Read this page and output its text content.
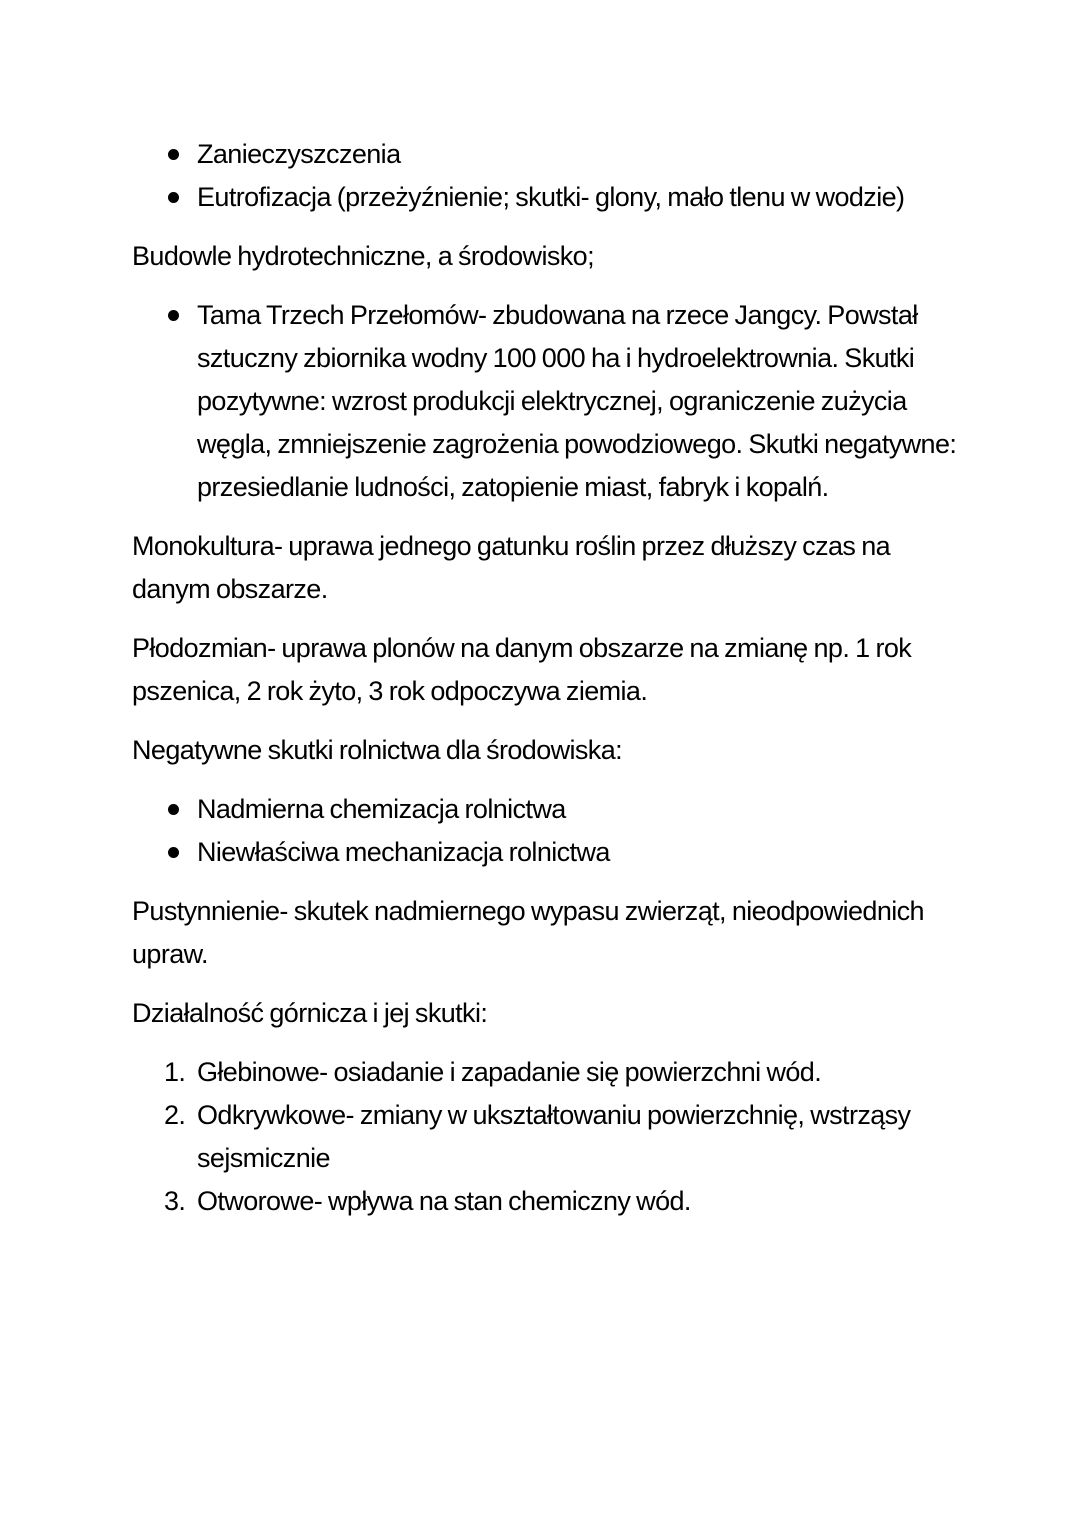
Zanieczyszczenia
Eutrofizacja (przeżyźnienie; skutki- glony, mało tlenu w wodzie)

Budowle hydrotechniczne, a środowisko;

Tama Trzech Przełomów- zbudowana na rzece Jangcy. Powstał sztuczny zbiornika wodny 100 000 ha i hydroelektrownia. Skutki pozytywne: wzrost produkcji elektrycznej, ograniczenie zużycia węgla, zmniejszenie zagrożenia powodziowego. Skutki negatywne: przesiedlanie ludności, zatopienie miast, fabryk i kopalń.

Monokultura- uprawa jednego gatunku roślin przez dłuższy czas na danym obszarze.

Płodozmian- uprawa plonów na danym obszarze na zmianę np. 1 rok pszenica, 2 rok żyto, 3 rok odpoczywa ziemia.

Negatywne skutki rolnictwa dla środowiska:

Nadmierna chemizacja rolnictwa
Niewłaściwa mechanizacja rolnictwa

Pustynnienie- skutek nadmiernego wypasu zwierząt, nieodpowiednich upraw.

Działalność górnicza i jej skutki:

1. Głebinowe- osiadanie i zapadanie się powierzchni wód.
2. Odkrywkowe- zmiany w ukształtowaniu powierzchnię, wstrząsy sejsmicznie
3. Otworowe- wpływa na stan chemiczny wód.
